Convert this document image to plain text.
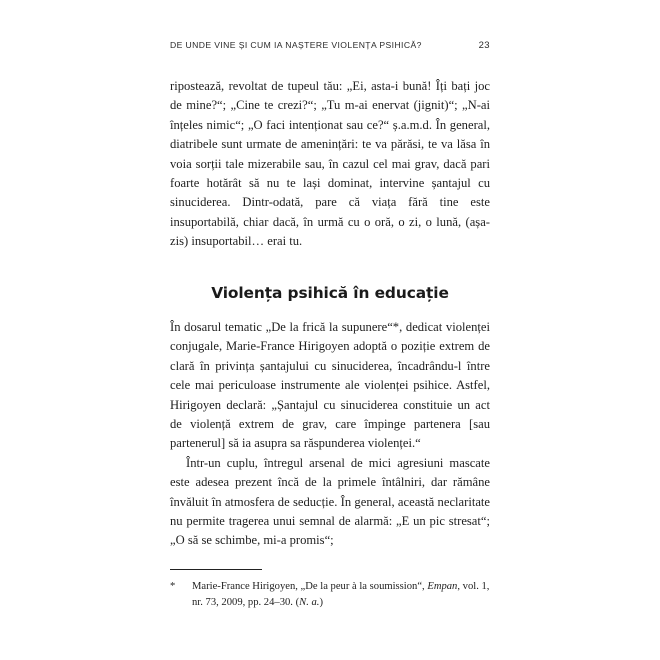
DE UNDE VINE ȘI CUM IA NAȘTERE VIOLENȚA PSIHICĂ?	23

ripostează, revoltat de tupeul tău: „Ei, asta-i bună! Îți bați joc de mine?“; „Cine te crezi?“; „Tu m-ai enervat (jignit)“; „N-ai înțeles nimic“; „O faci intenționat sau ce?“ ș.a.m.d. În general, diatribele sunt urmate de amenințări: te va părăsi, te va lăsa în voia sorții tale mizerabile sau, în cazul cel mai grav, dacă pari foarte hotărât să nu te lași dominat, intervine șantajul cu sinuciderea. Dintr-odată, pare că viața fără tine este insuportabilă, chiar dacă, în urmă cu o oră, o zi, o lună, (așa-zis) insuportabil… erai tu.

Violența psihică în educație

În dosarul tematic „De la frică la supunere“*, dedicat violenței conjugale, Marie-France Hirigoyen adoptă o poziție extrem de clară în privința șantajului cu sinuciderea, încadrându-l între cele mai periculoase instrumente ale violenței psihice. Astfel, Hirigoyen declară: „Șantajul cu sinuciderea constituie un act de violență extrem de grav, care împinge partenera [sau partenerul] să ia asupra sa răspunderea violenței.“

Într-un cuplu, întregul arsenal de mici agresiuni mascate este adesea prezent încă de la primele întâlniri, dar rămâne învăluit în atmosfera de seducție. În general, această neclaritate nu permite tragerea unui semnal de alarmă: „E un pic stresat“; „O să se schimbe, mi-a promis“;

*	Marie-France Hirigoyen, „De la peur à la soumission“, Empan, vol. 1, nr. 73, 2009, pp. 24–30. (N. a.)
